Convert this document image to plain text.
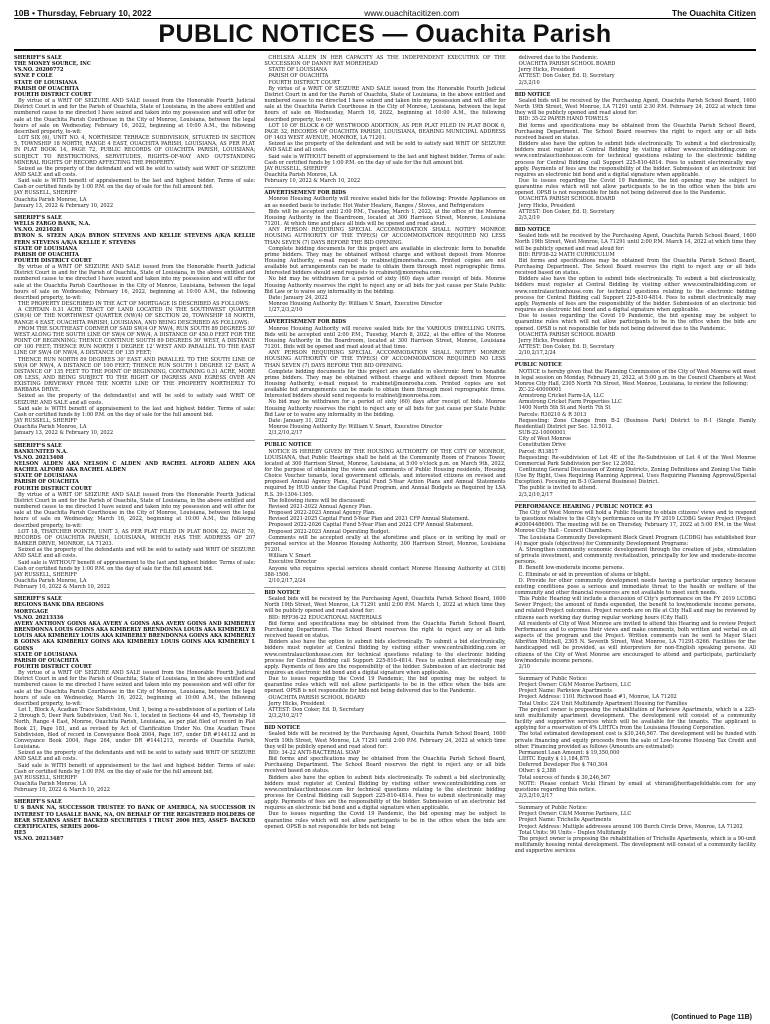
10B • Thursday, February 10, 2022	www.ouachitacitizen.com	The Ouachita Citizen
PUBLIC NOTICES — Ouachita Parish

SHERIFF'S SALE

THE MONEY SOURCE, INC

VS.NO. 20200772

SYNE F COLE

STATE OF LOUISIANA

PARISH OF OUACHITA

FOURTH DISTRICT COURT

By virtue of a WRIT OF SEIZURE AND SALE issued from the Honorable Fourth Judicial District Court in and for the Parish of Ouachita, State of Louisiana, in the above entitled and numbered cause to me directed I have seized and taken into my possession and will offer for sale at the Ouachita Parish Courthouse in the City of Monroe, Louisiana, between the legal hours of sale on Wednesday, February 16, 2022, beginning at 10:00 A.M., the following described property, to-wit:

LOT SIX (6), UNIT NO. 4, NORTHSIDE TERRACE SUBDIVISION, SITUATED IN SECTION 5, TOWNSHIP 18 NORTH, RANGE 4 EAST, OUACHITA PARISH, LOUISIANA, AS PER PLAT IN PLAT BOOK 14, PAGE 72, PUBLIC RECORDS OF OUACHITA PARISH, LOUISIANA; SUBJECT TO RESTRICTIONS, SERVITUDES, RIGHTS-OF-WAY AND OUTSTANDING MINERAL RIGHTS OF RECORD AFFECTING THE PROPERTY.

Seized as the property of the defendant and will be sold to satisfy said WRIT OF SEIZURE AND SALE and all costs.

Said sale is WITH benefit of appraisement to the last and highest bidder. Terms of sale: Cash or certified funds by 1:00 P.M. on the day of sale for the full amount bid.

JAY RUSSELL, SHERIFF

Ouachita Parish Monroe, LA

January 13, 2022 & February 10, 2022

SHERIFF'S SALE

WELLS FARGO BANK, N.A.

VS.NO. 20210281

BYRON S. STEEN A/K/A BYRON STEVENS AND KELLIE STEVENS A/K/A KELLIE FERN STEVENS A/K/A KELLIE F. STEVENS

STATE OF LOUISIANA

PARISH OF OUACHITA

FOURTH DISTRICT COURT

By virtue of a WRIT OF SEIZURE AND SALE issued from the Honorable Fourth Judicial District Court in and for the Parish of Ouachita, State of Louisiana, in the above entitled and numbered cause to me directed I have seized and taken into my possession and will offer for sale at the Ouachita Parish Courthouse in the City of Monroe, Louisiana, between the legal hours of sale on Wednesday, February 16, 2022, beginning at 10:00 A.M., the following described property, to-wit:

THE PROPERTY DESCRIBED IN THE ACT OF MORTGAGE IS DESCRIBED AS FOLLOWS:

A CERTAIN 0.31 ACRE TRACT OF LAND LOCATED IN THE SOUTHWEST QUARTER (SW/4) OF THE NORTHWEST QUARTER (NW/4) OF SECTION 20, TOWNSHIP 18 NORTH, RANGE 4 EAST, OUACHITA PARISH, LOUISIANA, AND BEING DESCRIBED AS FOLLOWS:

FROM THE SOUTHEAST CORNER OF SAID SW/4 OF NW/4, RUN SOUTH 89 DEGREES 30' WEST ALONG THE SOUTH LINE OF SW/4 OF NW/4, A DISTANCE OF 450.0 FEET FOR THE POINT OF BEGINNING; THENCE CONTINUE SOUTH 89 DEGREES 30' WEST, A DISTANCE OF 100 FEET; THENCE RUN NORTH 1 DEGREE 12' WEST AND PARALLEL TO THE EAST LINE OF SW/4 OF NW/4, A DISTANCE OF 135 FEET;

THENCE RUN NORTH 89 DEGREES 30' EAST AND PARALLEL TO THE SOUTH LINE OF SW/4 OF NW/4, A DISTANCE OF 100 FEET; THENCE RUN SOUTH 1 DEGREE 12' EAST, A DISTANCE OF 135 FEET TO THE POINT OF BEGINNING, CONTAINING 0.31 ACRE, MORE OR LESS, AND BEING SUBJECT TO THE RIGHT OF INGRESS AND EGRESS OVER AN EXISTING DRIVEWAY FROM THE NORTH LINE OF THE PROPERTY NORTHERLY TO BARBARA DRIVE.

Seized as the property of the defendant(s) and will be sold to satisfy said WRIT OF SEIZURE AND SALE and all costs.

Said sale is WITH benefit of appraisement to the last and highest bidder. Terms of sale: Cash or certified funds by 1:00 P.M. on the day of sale for the full amount bid.

JAY RUSSELL, SHERIFF

Ouachita Parish Monroe, LA

January 13, 2022 & February 10, 2022

SHERIFF'S SALE

BANKUNITED N.A.

VS.NO. 20213408

NELSON ALDEN AKA NELSON C ALDEN AND RACHEL ALFORD ALDEN AKA RACHEL ALFORD AKA RACHEL ALDEN

STATE OF LOUISIANA

PARISH OF OUACHITA

FOURTH DISTRICT COURT

By virtue of a WRIT OF SEIZURE AND SALE issued from the Honorable Fourth Judicial District Court in and for the Parish of Ouachita, State of Louisiana, in the above entitled and numbered cause to me directed I have seized and taken into my possession and will offer for sale at the Ouachita Parish Courthouse in the City of Monroe, Louisiana, between the legal hours of sale on Wednesday, March 16, 2022, beginning at 10:00 A.M., the following described property, to-wit:

LOT 18, THATCHER POINTE, UNIT 3, AS PER PLAT FILED IN PLAT BOOK 22, PAGE 70, RECORDS OF OUACHITA PARISH, LOUISIANA, WHICH HAS THE ADDRESS OF 207 BARKER DRIVE, MONROE, LA 71203.

Seized as the property of the defendants and will be sold to satisfy said WRIT OF SEIZURE AND SALE and all costs.

Said sale is WITHOUT benefit of appraisement to the last and highest bidder. Terms of sale: Cash or certified funds by 1:00 P.M. on the day of sale for the full amount bid.

JAY RUSSELL, SHERIFF

Ouachita Parish Monroe, LA

February 10, 2022 & March 10, 2022

SHERIFF'S SALE

REGIONS BANK DBA REGIONS

MORTGAGE

VS.NO. 20213336

AVERY ANTHONY GOINS AKA AVERY A GOINS AKA AVERY GOINS AND KIMBERLY BRENDONNA LOUIS GOINS AKA KIMBERLY BRENDONNA LOUIS AKA KIMBERLY B LOUIS AKA KIMBERLY LOUIS AKA KIMBERLY BRENDONNA GOINS AKA KIMBERLY B GOINS AKA KIMBERLY GOINS AKA KIMBERLY LOUIS GOINS AKA KIMBERLY L GOINS

STATE OF LOUISIANA

PARISH OF OUACHITA

FOURTH DISTRICT COURT

By virtue of a WRIT OF SEIZURE AND SALE issued from the Honorable Fourth Judicial District Court in and for the Parish of Ouachita, State of Louisiana, in the above entitled and numbered cause to me directed I have seized and taken into my possession and will offer for sale at the Ouachita Parish Courthouse in the City of Monroe, Louisiana, between the legal hours of sale on Wednesday, March 16, 2022, beginning at 10:00 A.M., the following described property, to-wit:

Lot 1, Block A, Acadian Trace Subdivision, Unit 1, being a re-subdivision of a portion of Lots 2 through 5, Deer Park Subdivision, Unit No. 1, located in Sections 44 and 45, Township 18 North, Range 4 East, Monroe, Ouachita Parish, Louisiana, as per plat filed of record in Plat Book 21, Page 181, and as revised by Act of Clarification Under No. One Acadian Trace Subdivision, filed of record in Conveyance Book 2004, Page 167, under DR #144132 and in Conveyance Book 2004, Page 264, under DR #1441213, records of Ouachita Parish, Louisiana.

Seized as the property of the defendants and will be sold to satisfy said WRIT OF SEIZURE AND SALE and all costs.

Said sale is WITH benefit of appraisement to the last and highest bidder. Terms of sale: Cash or certified funds by 1:00 P.M. on the day of sale for the full amount bid.

JAY RUSSELL, SHERIFF

Ouachita Parish Monroe, LA

February 10, 2022 & March 10, 2022

SHERIFF'S SALE

U S BANK NA, SUCCESSOR TRUSTEE TO BANK OF AMERICA, NA SUCCESSOR IN INTEREST TO LASALLE BANK, NA, ON BEHALF OF THE REGISTERED HOLDERS OF BEAR STEARNS ASSET BACKED SECURITIES I TRUST 2006 HE5, ASSET- BACKED CERTIFICATES, SERIES 2006-

HE5

VS.NO. 20213487

CHELSEA ALLEN IN HER CAPACITY AS THE INDEPENDENT EXECUTRIX OF THE SUCCESSION OF DANNY RAY MOREHEAD

STATE OF LOUISIANA

PARISH OF OUACHITA

FOURTH DISTRICT COURT

By virtue of a WRIT OF SEIZURE AND SALE issued from the Honorable Fourth Judicial District Court in and for the Parish of Ouachita, State of Louisiana, in the above entitled and numbered cause to me directed I have seized and taken into my possession and will offer for sale at the Ouachita Parish Courthouse in the City of Monroe, Louisiana, between the legal hours of sale on Wednesday, March 16, 2022, beginning at 10:00 A.M., the following described property, to-wit:

LOT 10 OF BLOCK 6 OF WESTWOOD ADDITION, AS PER PLAT FILED IN PLAT BOOK 6, PAGE 32, RECORDS OF OUACHITA PARISH, LOUISIANA, BEARING MUNICIPAL ADDRESS OF 1403 WEST AVENUE, MONROE, LA 71201.

Seized as the property of the defendant and will be sold to satisfy said WRIT OF SEIZURE AND SALE and all costs.

Said sale is WITHOUT benefit of appraisement to the last and highest bidder. Terms of sale: Cash or certified funds by 1:00 P.M. on the day of sale for the full amount bid.

JAY RUSSELL, SHERIFF

Ouachita Parish Monroe, LA

February 10, 2022 & March 10, 2022

ADVERTISEMENT FOR BIDS

Monroe Housing Authority will receive sealed bids for the following: Provide Appliances on an as needed basis to include: Hot Water Heaters, Ranges / Stoves, and Refrigerators

Bids will be accepted until 2:00 P.M., Tuesday, March 1, 2022, at the office of the Monroe Housing Authority in the Boardroom, located at 300 Harrison Street, Monroe, Louisiana 71201. At which time and place all bids will be opened and read aloud.

ANY PERSON REQUIRING SPECIAL ACCOMMODATION SHALL NOTIFY MONROE HOUSING AUTHORITY OF THE TYPE(S) OF ACCOMMODATION REQUIRED NO LESS THAN SEVEN (7) DAYS BEFORE THE BID OPENING.

Complete bidding documents for this project are available in electronic form to bonafide prime bidders. They may be obtained without charge and without deposit from Monroe Housing Authority, e-mail request to rcabinet@monroeha.com. Printed copies are not available but arrangements can be made to obtain them through most reprographic firms. Interested bidders should send requests to rcabinet@monroeha.com.

No bid may be withdrawn for a period of sixty (60) days after receipt of bids. Monroe Housing Authority reserves the right to reject any or all bids for just cause per State Public Bid Law or to waive any informality in the bidding.

Date: January 24, 2022

Monroe Housing Authority By: William V. Smart, Executive Director

1/27,2/3,2/10

ADVERTISEMENT FOR BIDS

Monroe Housing Authority will receive sealed bids for the VARIOUS DWELLING UNITS. Bids will be accepted until 2:00 P.M., Tuesday, March 8, 2022, at the office of the Monroe Housing Authority in the Boardroom, located at 300 Harrison Street, Monroe, Louisiana 71201. Bids will be opened and read aloud at that time.

ANY PERSON REQUIRING SPECIAL ACCOMMODATION SHALL NOTIFY MONROE HOUSING AUTHORITY OF THE TYPE(S) OF ACCOMMODATION REQUIRED NO LESS THAN SEVEN (7) DAYS BEFORE THE BID OPENING.

Complete bidding documents for this project are available in electronic form to bonafide prime bidders. They may be obtained without charge and without deposit from Monroe Housing Authority, e-mail request to rcabinet@monroeha.com. Printed copies are not available but arrangements can be made to obtain them through most reprographic firms. Interested bidders should send requests to rcabinet@monroeha.com.

No bid may be withdrawn for a period of sixty (60) days after receipt of bids. Monroe Housing Authority reserves the right to reject any or all bids for just cause per State Public Bid Law or to waive any informality in the bidding.

Date: January 31, 2022

Monroe Housing Authority By: William V. Smart, Executive Director

2/3,2/10,2/17

PUBLIC NOTICE

NOTICE IS HEREBY GIVEN BY THE HOUSING AUTHORITY OF THE CITY OF MONROE, LOUISIANA, that Public Hearings shall be held at the Community Room of Frances Tower, located at 300 Harrison Street, Monroe, Louisiana, at 5:00 o'clock p.m. on March 9th, 2022, for the purpose of obtaining the views and comments of Public Housing residents, Housing Choice Voucher tenants, local government officials, and interested citizens on revised and proposed Annual Agency Plans, Capital Fund 5-Year Action Plans and Annual Statements required by HUD under the Capital Fund Program, and Annual Budgets as Required by LSA R.S. 39-1304-1305.

The following items will be discussed:

Revised 2021-2022 Annual Agency Plan.

Proposed 2022-2023 Annual Agency Plan.

Revised 2021-2025 Capital Fund 5-Year Plan and 2021 CFP Annual Statement.

Proposed 2022-2026 Capital Fund 5-Year Plan and 2022 CFP Annual Statement.

Proposed 2022-2023 Annual Operating Budget.

Comments will be accepted orally at the aforetime and place or in writing by mail or personal service at the Monroe Housing Authority, 300 Harrison Street, Monroe, Louisiana 71201.

William V. Smart

Executive Director

Anyone who requires special services should contact Monroe Housing Authority at (318) 388-1500.

2/10,2/17,2/24

BID NOTICE

Sealed bids will be received by the Purchasing Agent, Ouachita Parish School Board, 1600 North 19th Street, West Monroe, LA 71291 until 2:00 P.M. March 1, 2022 at which time they will be publicly opened and read aloud for:

BID: RFP36-22 EDUCATIONAL MATERIALS

Bid forms and specifications may be obtained from the Ouachita Parish School Board, Purchasing Department. The School Board reserves the right to reject any or all bids received based on status.

Bidders also have the option to submit bids electronically. To submit a bid electronically, bidders must register at Central Bidding by visiting either www.centralbidding.com or www.centralauctionhouse.com for technical questions relating to the electronic bidding process for Central Bidding call Support 225-810-4814. Fees to submit electronically may apply. Payments of fees are the responsibility of the bidder. Submission of an electronic bid requires an electronic bid bond and a digital signature when applicable.

Due to issues regarding the Covid 19 Pandemic, the bid opening may be subject to quarantine rules which will not allow participants to be in the office when the bids are opened. OPSB is not responsible for bids not being delivered due to the Pandemic.

OUACHITA PARISH SCHOOL BOARD

Jerry Hicks, President

ATTEST: Don Coker, Ed. D, Secretary

2/3,2/10,2/17

BID NOTICE

Sealed bids will be received by the Purchasing Agent, Ouachita Parish School Board, 1600 North 19th Street, West Monroe, LA 71291 until 2:00 P.M. February 24, 2022 at which time they will be publicly opened and read aloud for:

BID: 34-22 ANTI-BACTERIAL SOAP

Bid forms and specifications may be obtained from the Ouachita Parish School Board, Purchasing Department. The School Board reserves the right to reject any or all bids received based on status.

Bidders also have the option to submit bids electronically. To submit a bid electronically, bidders must register at Central Bidding by visiting either www.centralbidding.com or www.centralauctionhouse.com for technical questions relating to the electronic bidding process for Central Bidding call Support 225-810-4814. Fees to submit electronically may apply. Payments of fees are the responsibility of the bidder. Submission of an electronic bid requires an electronic bid bond and a digital signature when applicable.

Due to issues regarding the Covid 19 Pandemic, the bid opening may be subject to quarantine rules which will not allow participants to be in the office when the bids are opened. OPSB is not responsible for bids not being

delivered due to the Pandemic.

OUACHITA PARISH SCHOOL BOARD

Jerry Hicks, President

ATTEST: Don Coker, Ed. D, Secretary

2/3,2/10

BID NOTICE

Sealed bids will be received by the Purchasing Agent, Ouachita Parish School Board, 1600 North 19th Street, West Monroe, LA 71291 until 2:30 P.M. February 24, 2022 at which time they will be publicly opened and read aloud for:

BID: 35-22 PAPER HAND TOWELS

Bid forms and specifications may be obtained from the Ouachita Parish School Board, Purchasing Department. The School Board reserves the right to reject any or all bids received based on status.

Bidders also have the option to submit bids electronically. To submit a bid electronically, bidders must register at Central Bidding by visiting either www.centralbidding.com or www.centralauctionhouse.com for technical questions relating to the electronic bidding process for Central Bidding call Support 225-810-4814. Fees to submit electronically may apply. Payments of fees are the responsibility of the bidder. Submission of an electronic bid requires an electronic bid bond and a digital signature when applicable.

Due to issues regarding the Covid 19 Pandemic, the bid opening may be subject to quarantine rules which will not allow participants to be in the office when the bids are opened. OPSB is not responsible for bids not being delivered due to the Pandemic.

OUACHITA PARISH SCHOOL BOARD

Jerry Hicks, President

ATTEST: Don Coker, Ed. D, Secretary

2/3,2/10

BID NOTICE

Sealed bids will be received by the Purchasing Agent, Ouachita Parish School Board, 1600 North 19th Street, West Monroe, LA 71291 until 2:00 P.M. March 14, 2022 at which time they will be publicly opened and read aloud for:

BID: RFP38-22 MATH CURRICULUM

Bid forms and specifications may be obtained from the Ouachita Parish School Board, Purchasing Department. The School Board reserves the right to reject any or all bids received based on status.

Bidders also have the option to submit bids electronically. To submit a bid electronically, bidders must register at Central Bidding by visiting either www.centralbidding.com or www.centralauctionhouse.com for technical questions relating to the electronic bidding process for Central Bidding call Support 225-810-4814. Fees to submit electronically may apply. Payments of fees are the responsibility of the bidder. Submission of an electronic bid requires an electronic bid bond and a digital signature when applicable.

Due to issues regarding the Covid 19 Pandemic, the bid opening may be subject to quarantine rules which will not allow participants to be in the office when the bids are opened. OPSB is not responsible for bids not being delivered due to the Pandemic.

OUACHITA PARISH SCHOOL BOARD

Jerry Hicks, President

ATTEST: Don Coker, Ed. D, Secretary

2/10,2/17,2/24

PUBLIC NOTICE

NOTICE is hereby given that the Planning Commission of the City of West Monroe will meet in legal session on Monday, February 21, 2022, at 5:00 p.m. in the Council Chambers at West Monroe City Hall, 2305 North 7th Street, West Monroe, Louisiana, to review the following:

ZC-22-40000001

Armstrong Cricket Farm-LA, LLC

Armstrong Cricket Farm Properties LLC

1400 North 5th St and North 7th St

Parcels: R30210 & R 3013

Requesting: Zone Change from B-2 (Business Park) District to R-1 (Single Family Residential) District per Sec. 12.5012.

SUB-22-10000001

City of West Monroe

Constitution Drive

Parcel: R13817

Requesting: Re-subdivision of Lot 4E of the Re-Subdivision of Lot 4 of the West Monroe Commercial Park Subdivision per Sec 12.2002.

Continuing General Discussion of Zoning Districts, Zoning Definitions and Zoning Use Table (Use By Right, Uses Requiring Planning Approval, Uses Requiring Planning Approval/Special Exception). Focusing on B-3 (General Business) District.

The public is invited to attend.

2/3,2/10,2/17

PERFORMANCE HEARING / PUBLIC NOTICE #3

The City of West Monroe will hold a Public Hearing to obtain citizens' views and to respond to questions relative to the City's performance on its FY 2019 LCDBG Sewer Project (Project #2000448690). The meeting will be on Thursday, February 17, 2022 at 5:00 P.M. in the West Monroe City Hall - Council Chambers.

The Louisiana Community Development Block Grant Program (LCDBG) has established four (4) major goals (objectives) for Community Development Programs:

A. Strengthen community economic development through the creation of jobs, stimulation of private investment, and community revitalization, principally for low and moderate-income persons.

B. Benefit low-moderate income persons.

C. Eliminate or aid in prevention of slums or blight.

D. Provide for other community development needs having a particular urgency because existing conditions pose a serious and immediate threat to the health or welfare of the community and other financial resources are not available to meet such needs.

This Public Hearing will include a discussion of City's performance on the FY 2019 LCDBG Sewer Project; the amount of funds expended, the benefit to low/moderate income persons, and related Project outcomes. Project records are on file at City Hall and may be reviewed by citizens each working day during regular working hours (City Hall).

All residents of City of West Monroe are invited to attend this Hearing and to review Project Performance and to express their views and make comments, both written and verbal on all aspects of the program and the Project. Written comments can be sent to Mayor Staci Albritton Mitchell, 2305 N. Seventh Street, West Monroe, LA 71291-5266. Facilities for the handicapped will be provided, as will interpreters for non-English speaking persons. All citizens of the City of West Monroe are encouraged to attend and participate, particularly low/moderate income persons.

2/10

Summary of Public Notice:

Project Owner: C&M Monroe Partners, LLC

Project Name: Parkview Apartments

Project Address: 1101 Richwood Road #1, Monroe, LA 71202

Total Units: 224 Unit Multifamily Apartment Housing for Families

The project owner is proposing the rehabilitation of Parkview Apartments, which is a 225-unit multifamily apartment development. The development will consist of a community facility and supportive services which will be available for the tenants. The applicant is applying for a reservation of 4% LIHTCs from the Louisiana Housing Corporation.

The total estimated development cost is $30,246,567. The development will be funded with private financing and equity proceeds from the sale of Low-Income Housing Tax Credit and other. Financing provided as follows (Amounts are estimated):

Permanent Loan Amount: $ 19,350,000

LIHTC Equity $ 11,184,875

Deferred Developer Fee $ 740,304

Other: $ 2,388

Total sources of funds $ 30,246,567

NOTE: Please contact Vicki Hirani by email at vhirani@heritagefoldable.com for any questions regarding this notice.

2/3,2/10,2/17

Summary of Public Notice:

Project Owner: C&M Monroe Partners, LLC

Project Name: Trichelle Apartments

Project Address: Multiple addresses around 106 Burch Circle Drive, Monroe, LA 71202

Total Units: 90 Units – Duplex Multifamily

The project owner is proposing the rehabilitation of Trichelle Apartments, which is a 90-unit multifamily housing rental development. The development will consist of a community facility and supportive services

(Continued to Page 11B)
